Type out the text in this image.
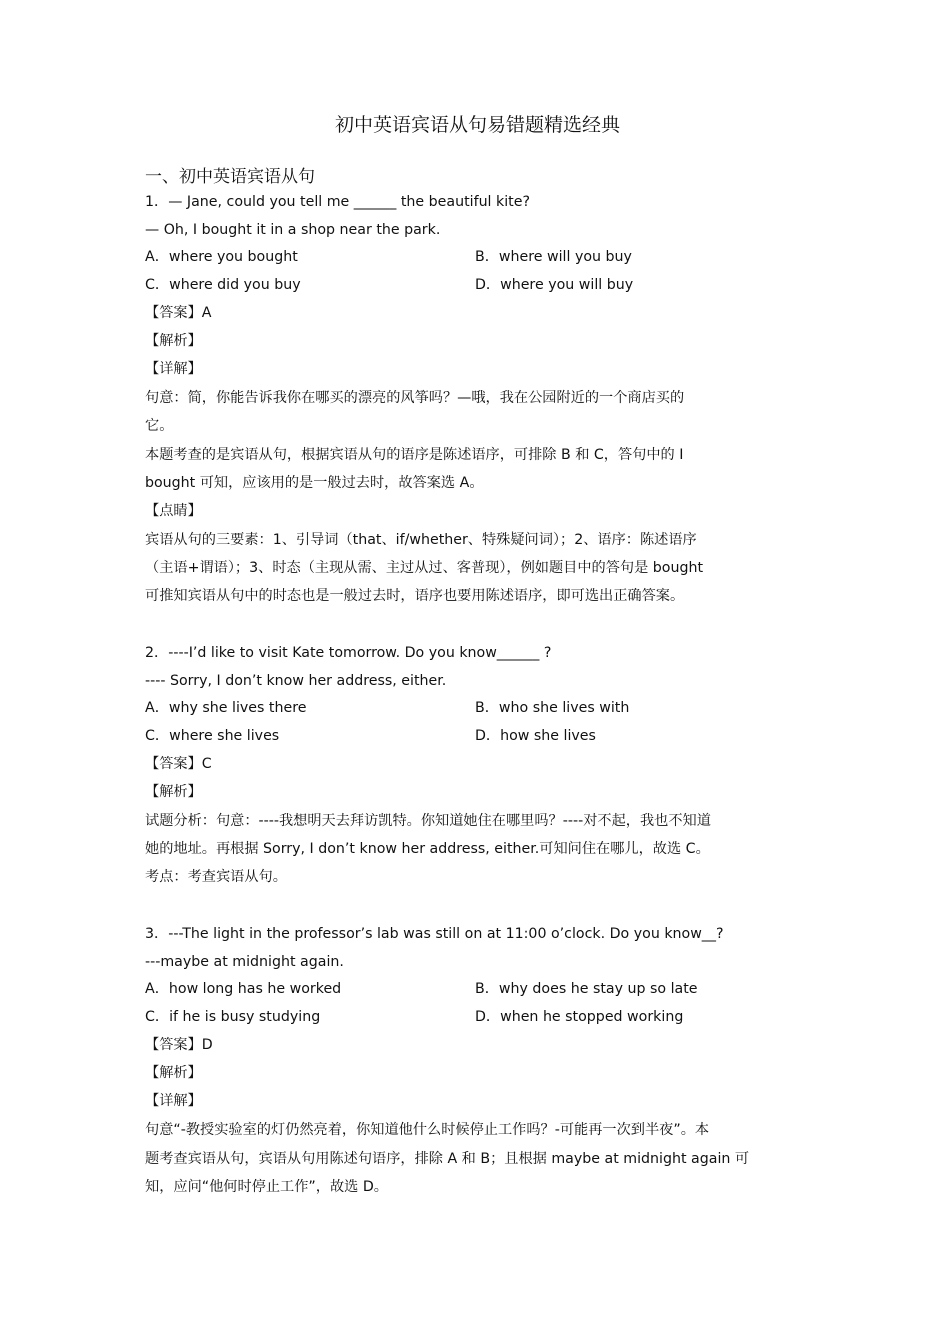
初中英语宾语从句易错题精选经典
一、初中英语宾语从句
1．— Jane, could you tell me ______ the beautiful kite?
— Oh, I bought it in a shop near the park.
A．where you bought	B．where will you buy
C．where did you buy	D．where you will buy
【答案】A
【解析】
【详解】
句意：简，你能告诉我你在哪买的漂亮的风筝吗？—哦，我在公园附近的一个商店买的
它。
本题考查的是宾语从句，根据宾语从句的语序是陈述语序，可排除 B 和 C，答句中的 I
bought 可知，应该用的是一般过去时，故答案选 A。
【点睛】
宾语从句的三要素：1、引导词（that、if/whether、特殊疑问词）；2、语序：陈述语序
（主语+谓语）；3、时态（主现从需、主过从过、客普现），例如题目中的答句是 bought
可推知宾语从句中的时态也是一般过去时，语序也要用陈述语序，即可选出正确答案。
2．----I’d like to visit Kate tomorrow. Do you know______ ?
---- Sorry, I don’t know her address, either.
A．why she lives there	B．who she lives with
C．where she lives	D．how she lives
【答案】C
【解析】
试题分析：句意：----我想明天去拜访凯特。你知道她住在哪里吗？----对不起，我也不知道
她的地址。再根据 Sorry, I don’t know her address, either.可知问住在哪儿，故选 C。
考点：考查宾语从句。
3．---The light in the professor’s lab was still on at 11:00 o’clock. Do you know__?
---maybe at midnight again.
A．how long has he worked	B．why does he stay up so late
C．if he is busy studying	D．when he stopped working
【答案】D
【解析】
【详解】
句意“-教授实验室的灯仍然亮着，你知道他什么时候停止工作吗？-可能再一次到半夜”。本
题考查宾语从句，宾语从句用陈述句语序，排除 A 和 B；且根据 maybe at midnight again 可
知，应问“他何时停止工作”，故选 D。
